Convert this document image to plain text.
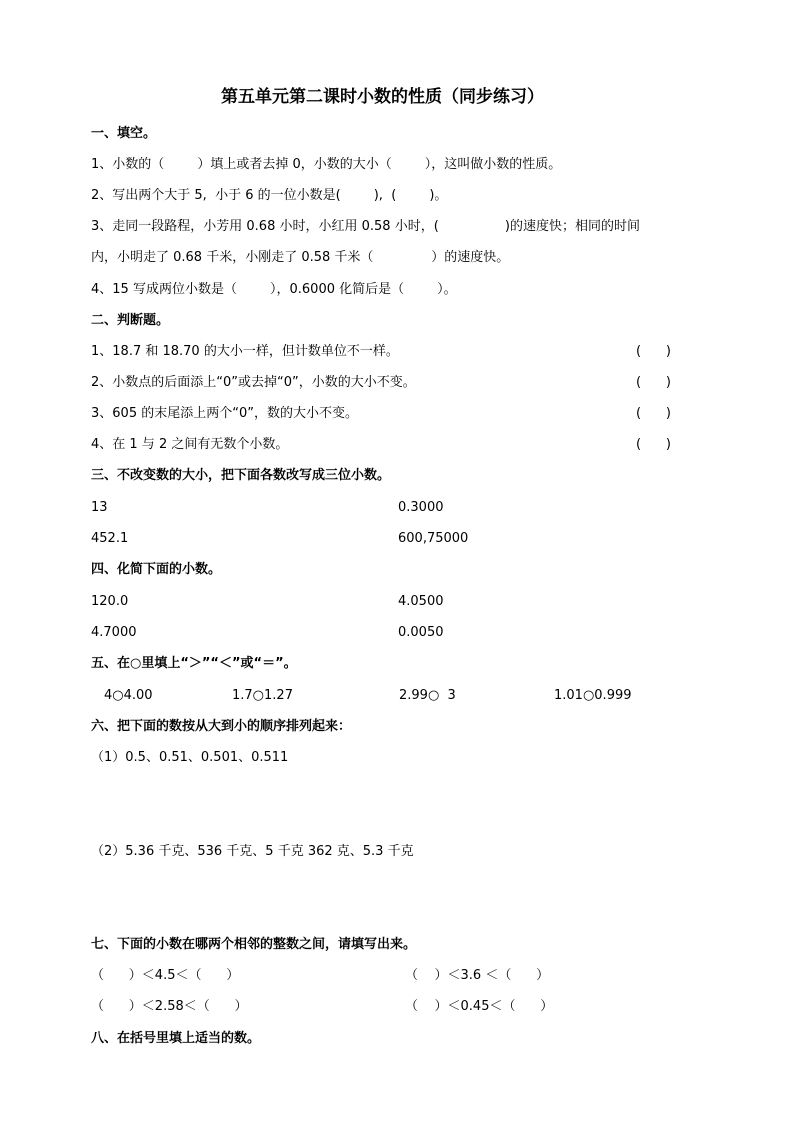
第五单元第二课时小数的性质（同步练习）
一、填空。
1、小数的（        ）填上或者去掉 0，小数的大小（        ），这叫做小数的性质。
2、写出两个大于 5,  小于 6 的一位小数是(        ),  (        )。
3、走同一段路程，小芳用 0.68 小时，小红用 0.58 小时，(                )的速度快；相同的时间
内，小明走了 0.68 千米，小刚走了 0.58 千米（              ）的速度快。
4、15 写成两位小数是（        ），0.6000 化简后是（        ）。
二、判断题。
1、18.7 和 18.70 的大小一样，但计数单位不一样。	(      )
2、小数点的后面添上“0”或去掉“0”，小数的大小不变。	(      )
3、605 的末尾添上两个“0”，数的大小不变。	(      )
4、在 1 与 2 之间有无数个小数。	(      )
三、不改变数的大小，把下面各数改写成三位小数。
13	0.3000
452.1	600,75000
四、化简下面的小数。
120.0	4.0500
4.7000	0.0050
五、在○里填上“＞”“＜”或“＝”。
4○4.00	1.7○1.27	2.99○  3	1.01○0.999
六、把下面的数按从大到小的顺序排列起来：
（1）0.5、0.51、0.501、0.511
（2）5.36 千克、536 千克、5 千克 362 克、5.3 千克
七、下面的小数在哪两个相邻的整数之间，请填写出来。
（      ）＜4.5＜（      ）	（    ）＜3.6 ＜（      ）
（      ）＜2.58＜（      ）	（    ）＜0.45＜（      ）
八、在括号里填上适当的数。
